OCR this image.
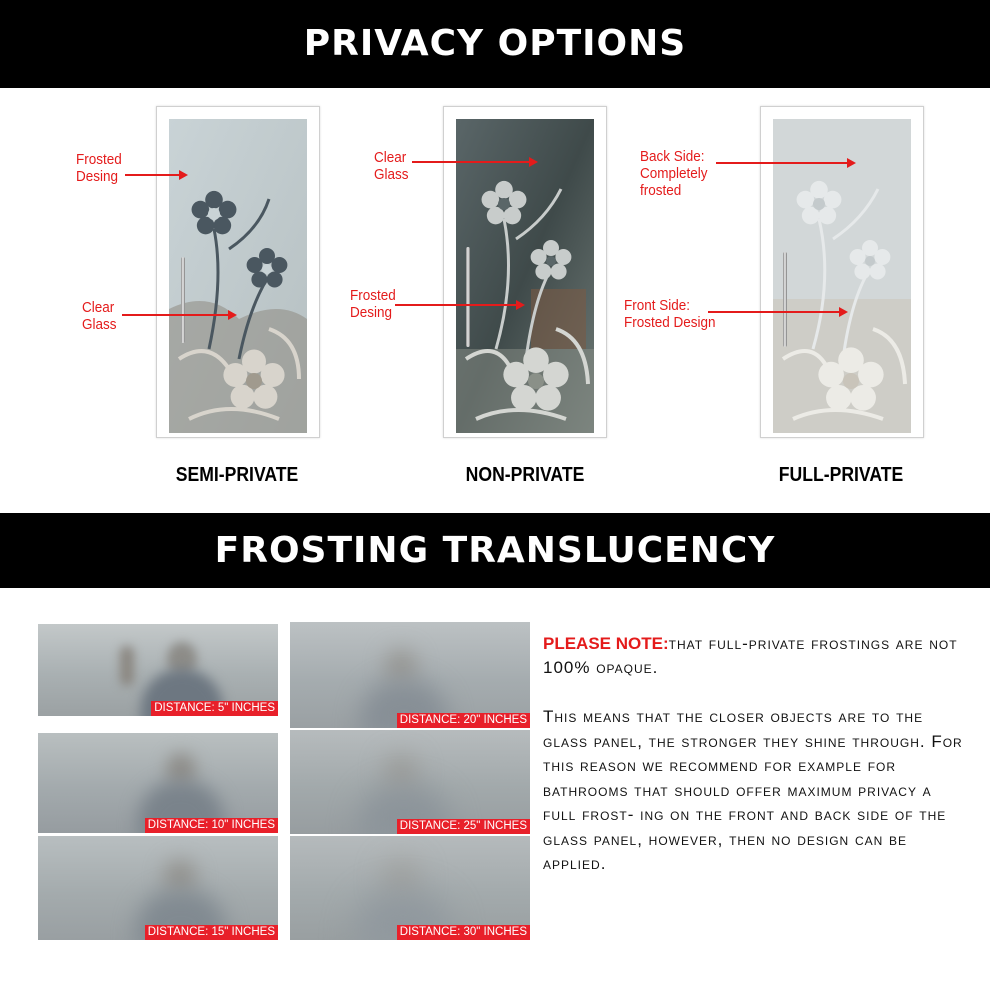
PRIVACY OPTIONS
Frosted
Desing
Clear
Glass
SEMI-PRIVATE
Clear
Glass
Frosted
Desing
NON-PRIVATE
Back Side:
Completely
frosted
Front Side:
Frosted Design
FULL-PRIVATE
FROSTING TRANSLUCENCY
DISTANCE: 5" INCHES
DISTANCE: 10" INCHES
DISTANCE: 15" INCHES
DISTANCE: 20" INCHES
DISTANCE: 25" INCHES
DISTANCE: 30" INCHES

PLEASE NOTE:that full-private frostings are not 100% opaque.

This means that the closer objects are to the glass panel, the stronger they shine through. For this reason we recommend for example for bathrooms that should offer maximum privacy a full frost- ing on the front and back side of the glass panel, however, then no design can be applied.
